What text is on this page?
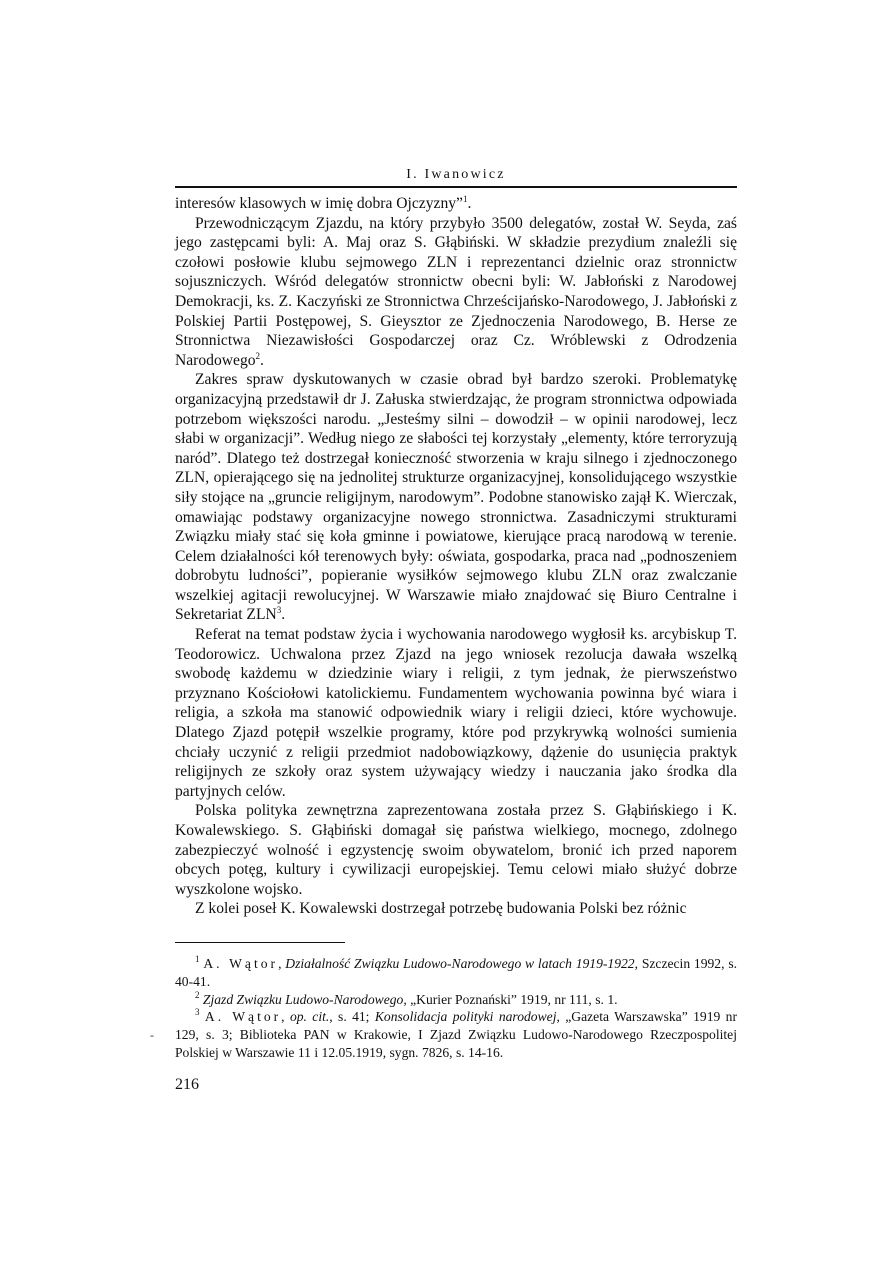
I. Iwanowicz

interesów klasowych w imię dobra Ojczyzny”$^1$.

Przewodniczącym Zjazdu, na który przybyło 3500 delegatów, został W. Seyda, zaś jego zastępcami byli: A. Maj oraz S. Głąbiński. W składzie prezydium znaleźli się czołowi posłowie klubu sejmowego ZLN i reprezentanci dzielnic oraz stronnictw sojuszniczych. Wśród delegatów stronnictw obecni byli: W. Jabłoński z Narodowej Demokracji, ks. Z. Kaczyński ze Stronnictwa Chrześcijańsko-Narodowego, J. Jabłoński z Polskiej Partii Postępowej, S. Gieysztor ze Zjednoczenia Narodowego, B. Herse ze Stronnictwa Niezawisłości Gospodarczej oraz Cz. Wróblewski z Odrodzenia Narodowego$^2$.

Zakres spraw dyskutowanych w czasie obrad był bardzo szeroki. Problematykę organizacyjną przedstawił dr J. Załuska stwierdzając, że program stronnictwa odpowiada potrzebom większości narodu. „Jesteśmy silni – dowodził – w opinii narodowej, lecz słabi w organizacji”. Według niego ze słabości tej korzystały „elementy, które terroryzują naród”. Dlatego też dostrzegał konieczność stworzenia w kraju silnego i zjednoczonego ZLN, opierającego się na jednolitej strukturze organizacyjnej, konsolidującego wszystkie siły stojące na „gruncie religijnym, narodowym”. Podobne stanowisko zajął K. Wierczak, omawiając podstawy organizacyjne nowego stronnictwa. Zasadniczymi strukturami Związku miały stać się koła gminne i powiatowe, kierujące pracą narodową w terenie. Celem działalności kół terenowych były: oświata, gospodarka, praca nad „podnoszeniem dobrobytu ludności”, popieranie wysiłków sejmowego klubu ZLN oraz zwalczanie wszelkiej agitacji rewolucyjnej. W Warszawie miało znajdować się Biuro Centralne i Sekretariat ZLN$^3$.

Referat na temat podstaw życia i wychowania narodowego wygłosił ks. arcybiskup T. Teodorowicz. Uchwalona przez Zjazd na jego wniosek rezolucja dawała wszelką swobodę każdemu w dziedzinie wiary i religii, z tym jednak, że pierwszeństwo przyznano Kościołowi katolickiemu. Fundamentem wychowania powinna być wiara i religia, a szkoła ma stanowić odpowiednik wiary i religii dzieci, które wychowuje. Dlatego Zjazd potępił wszelkie programy, które pod przykrywką wolności sumienia chciały uczynić z religii przedmiot nadobowiązkowy, dążenie do usunięcia praktyk religijnych ze szkoły oraz system używający wiedzy i nauczania jako środka dla partyjnych celów.

Polska polityka zewnętrzna zaprezentowana została przez S. Głąbińskiego i K. Kowalewskiego. S. Głąbiński domagał się państwa wielkiego, mocnego, zdolnego zabezpieczyć wolność i egzystencję swoim obywatelom, bronić ich przed naporem obcych potęg, kultury i cywilizacji europejskiej. Temu celowi miało służyć dobrze wyszkolone wojsko.

Z kolei poseł K. Kowalewski dostrzegał potrzebę budowania Polski bez różnic

$^1$ A. Wątor, Działalność Związku Ludowo-Narodowego w latach 1919-1922, Szczecin 1992, s. 40-41.

$^2$ Zjazd Związku Ludowo-Narodowego, „Kurier Poznański” 1919, nr 111, s. 1.

$^3$ A. Wątor, op. cit., s. 41; Konsolidacja polityki narodowej, „Gazeta Warszawska” 1919 nr 129, s. 3; Biblioteka PAN w Krakowie, I Zjazd Związku Ludowo-Narodowego Rzeczpospolitej Polskiej w Warszawie 11 i 12.05.1919, sygn. 7826, s. 14-16.

-
216
